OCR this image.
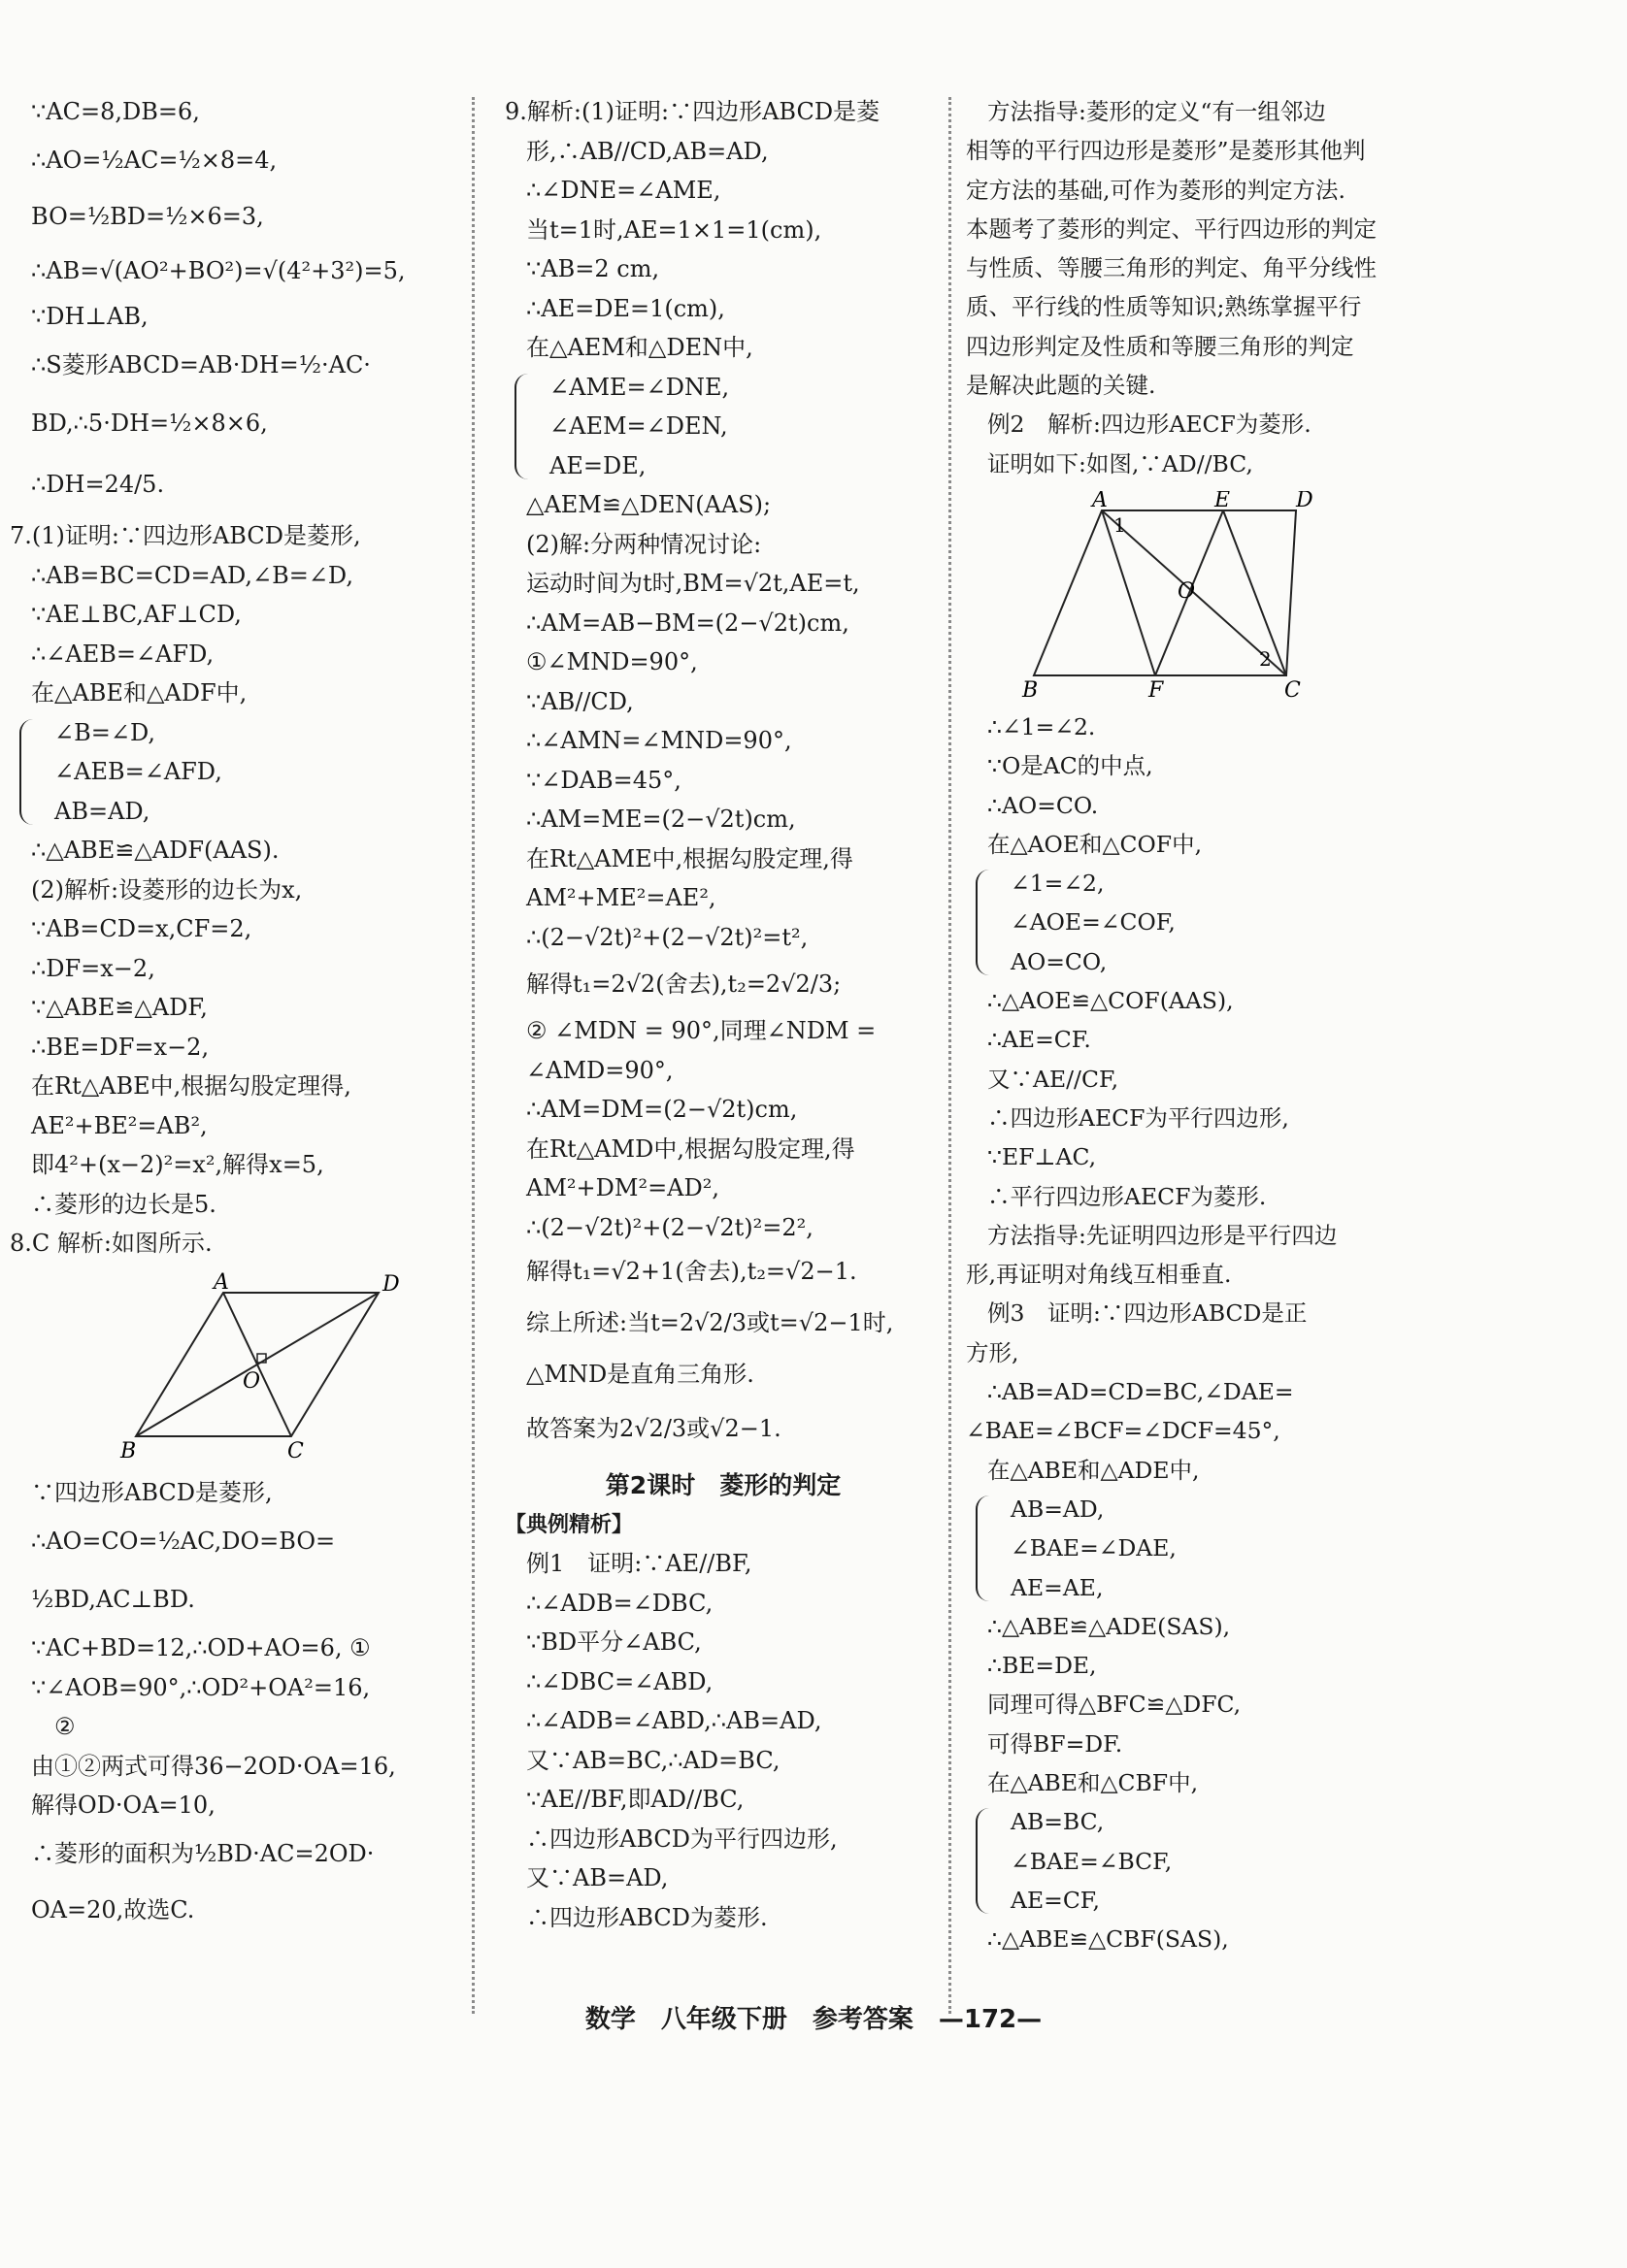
∵AC=8,DB=6,
∴AO=½AC=½×8=4,
BO=½BD=½×6=3,
∴AB=√(AO²+BO²)=√(4²+3²)=5,
∵DH⊥AB,
∴S菱形ABCD=AB·DH=½·AC·
BD,∴5·DH=½×8×6,
∴DH=24/5.
7.(1)证明:∵四边形ABCD是菱形,
∴AB=BC=CD=AD,∠B=∠D,
∵AE⊥BC,AF⊥CD,
∴∠AEB=∠AFD,
在△ABE和△ADF中,
∠B=∠D,
∠AEB=∠AFD,
AB=AD,
∴△ABE≌△ADF(AAS).
(2)解析:设菱形的边长为x,
∵AB=CD=x,CF=2,
∴DF=x−2,
∵△ABE≌△ADF,
∴BE=DF=x−2,
在Rt△ABE中,根据勾股定理得,
AE²+BE²=AB²,
即4²+(x−2)²=x²,解得x=5,
∴菱形的边长是5.
8.C 解析:如图所示.
A	D
B	C
O
∵四边形ABCD是菱形,
∴AO=CO=½AC,DO=BO=
½BD,AC⊥BD.
∵AC+BD=12,∴OD+AO=6, ①
∵∠AOB=90°,∴OD²+OA²=16,
②
由①②两式可得36−2OD·OA=16,
解得OD·OA=10,
∴菱形的面积为½BD·AC=2OD·
OA=20,故选C.
9.解析:(1)证明:∵四边形ABCD是菱
形,∴AB//CD,AB=AD,
∴∠DNE=∠AME,
当t=1时,AE=1×1=1(cm),
∵AB=2 cm,
∴AE=DE=1(cm),
在△AEM和△DEN中,
∠AME=∠DNE,
∠AEM=∠DEN,
AE=DE,
△AEM≌△DEN(AAS);
(2)解:分两种情况讨论:
运动时间为t时,BM=√2t,AE=t,
∴AM=AB−BM=(2−√2t)cm,
①∠MND=90°,
∵AB//CD,
∴∠AMN=∠MND=90°,
∵∠DAB=45°,
∴AM=ME=(2−√2t)cm,
在Rt△AME中,根据勾股定理,得
AM²+ME²=AE²,
∴(2−√2t)²+(2−√2t)²=t²,
解得t₁=2√2(舍去),t₂=2√2/3;
② ∠MDN = 90°,同理∠NDM =
∠AMD=90°,
∴AM=DM=(2−√2t)cm,
在Rt△AMD中,根据勾股定理,得
AM²+DM²=AD²,
∴(2−√2t)²+(2−√2t)²=2²,
解得t₁=√2+1(舍去),t₂=√2−1.
综上所述:当t=2√2/3或t=√2−1时,
△MND是直角三角形.
故答案为2√2/3或√2−1.
第2课时　菱形的判定
【典例精析】
例1　证明:∵AE//BF,
∴∠ADB=∠DBC,
∵BD平分∠ABC,
∴∠DBC=∠ABD,
∴∠ADB=∠ABD,∴AB=AD,
又∵AB=BC,∴AD=BC,
∵AE//BF,即AD//BC,
∴四边形ABCD为平行四边形,
又∵AB=AD,
∴四边形ABCD为菱形.
方法指导:菱形的定义“有一组邻边
相等的平行四边形是菱形”是菱形其他判
定方法的基础,可作为菱形的判定方法.
本题考了菱形的判定、平行四边形的判定
与性质、等腰三角形的判定、角平分线性
质、平行线的性质等知识;熟练掌握平行
四边形判定及性质和等腰三角形的判定
是解决此题的关键.
例2　解析:四边形AECF为菱形.
证明如下:如图,∵AD//BC,
A	E	D
B	F	C
O
1
2
∴∠1=∠2.
∵O是AC的中点,
∴AO=CO.
在△AOE和△COF中,
∠1=∠2,
∠AOE=∠COF,
AO=CO,
∴△AOE≌△COF(AAS),
∴AE=CF.
又∵AE//CF,
∴四边形AECF为平行四边形,
∵EF⊥AC,
∴平行四边形AECF为菱形.
方法指导:先证明四边形是平行四边
形,再证明对角线互相垂直.
例3　证明:∵四边形ABCD是正
方形,
∴AB=AD=CD=BC,∠DAE=
∠BAE=∠BCF=∠DCF=45°,
在△ABE和△ADE中,
AB=AD,
∠BAE=∠DAE,
AE=AE,
∴△ABE≌△ADE(SAS),
∴BE=DE,
同理可得△BFC≌△DFC,
可得BF=DF.
在△ABE和△CBF中,
AB=BC,
∠BAE=∠BCF,
AE=CF,
∴△ABE≌△CBF(SAS),
数学　八年级下册　参考答案　—172—
